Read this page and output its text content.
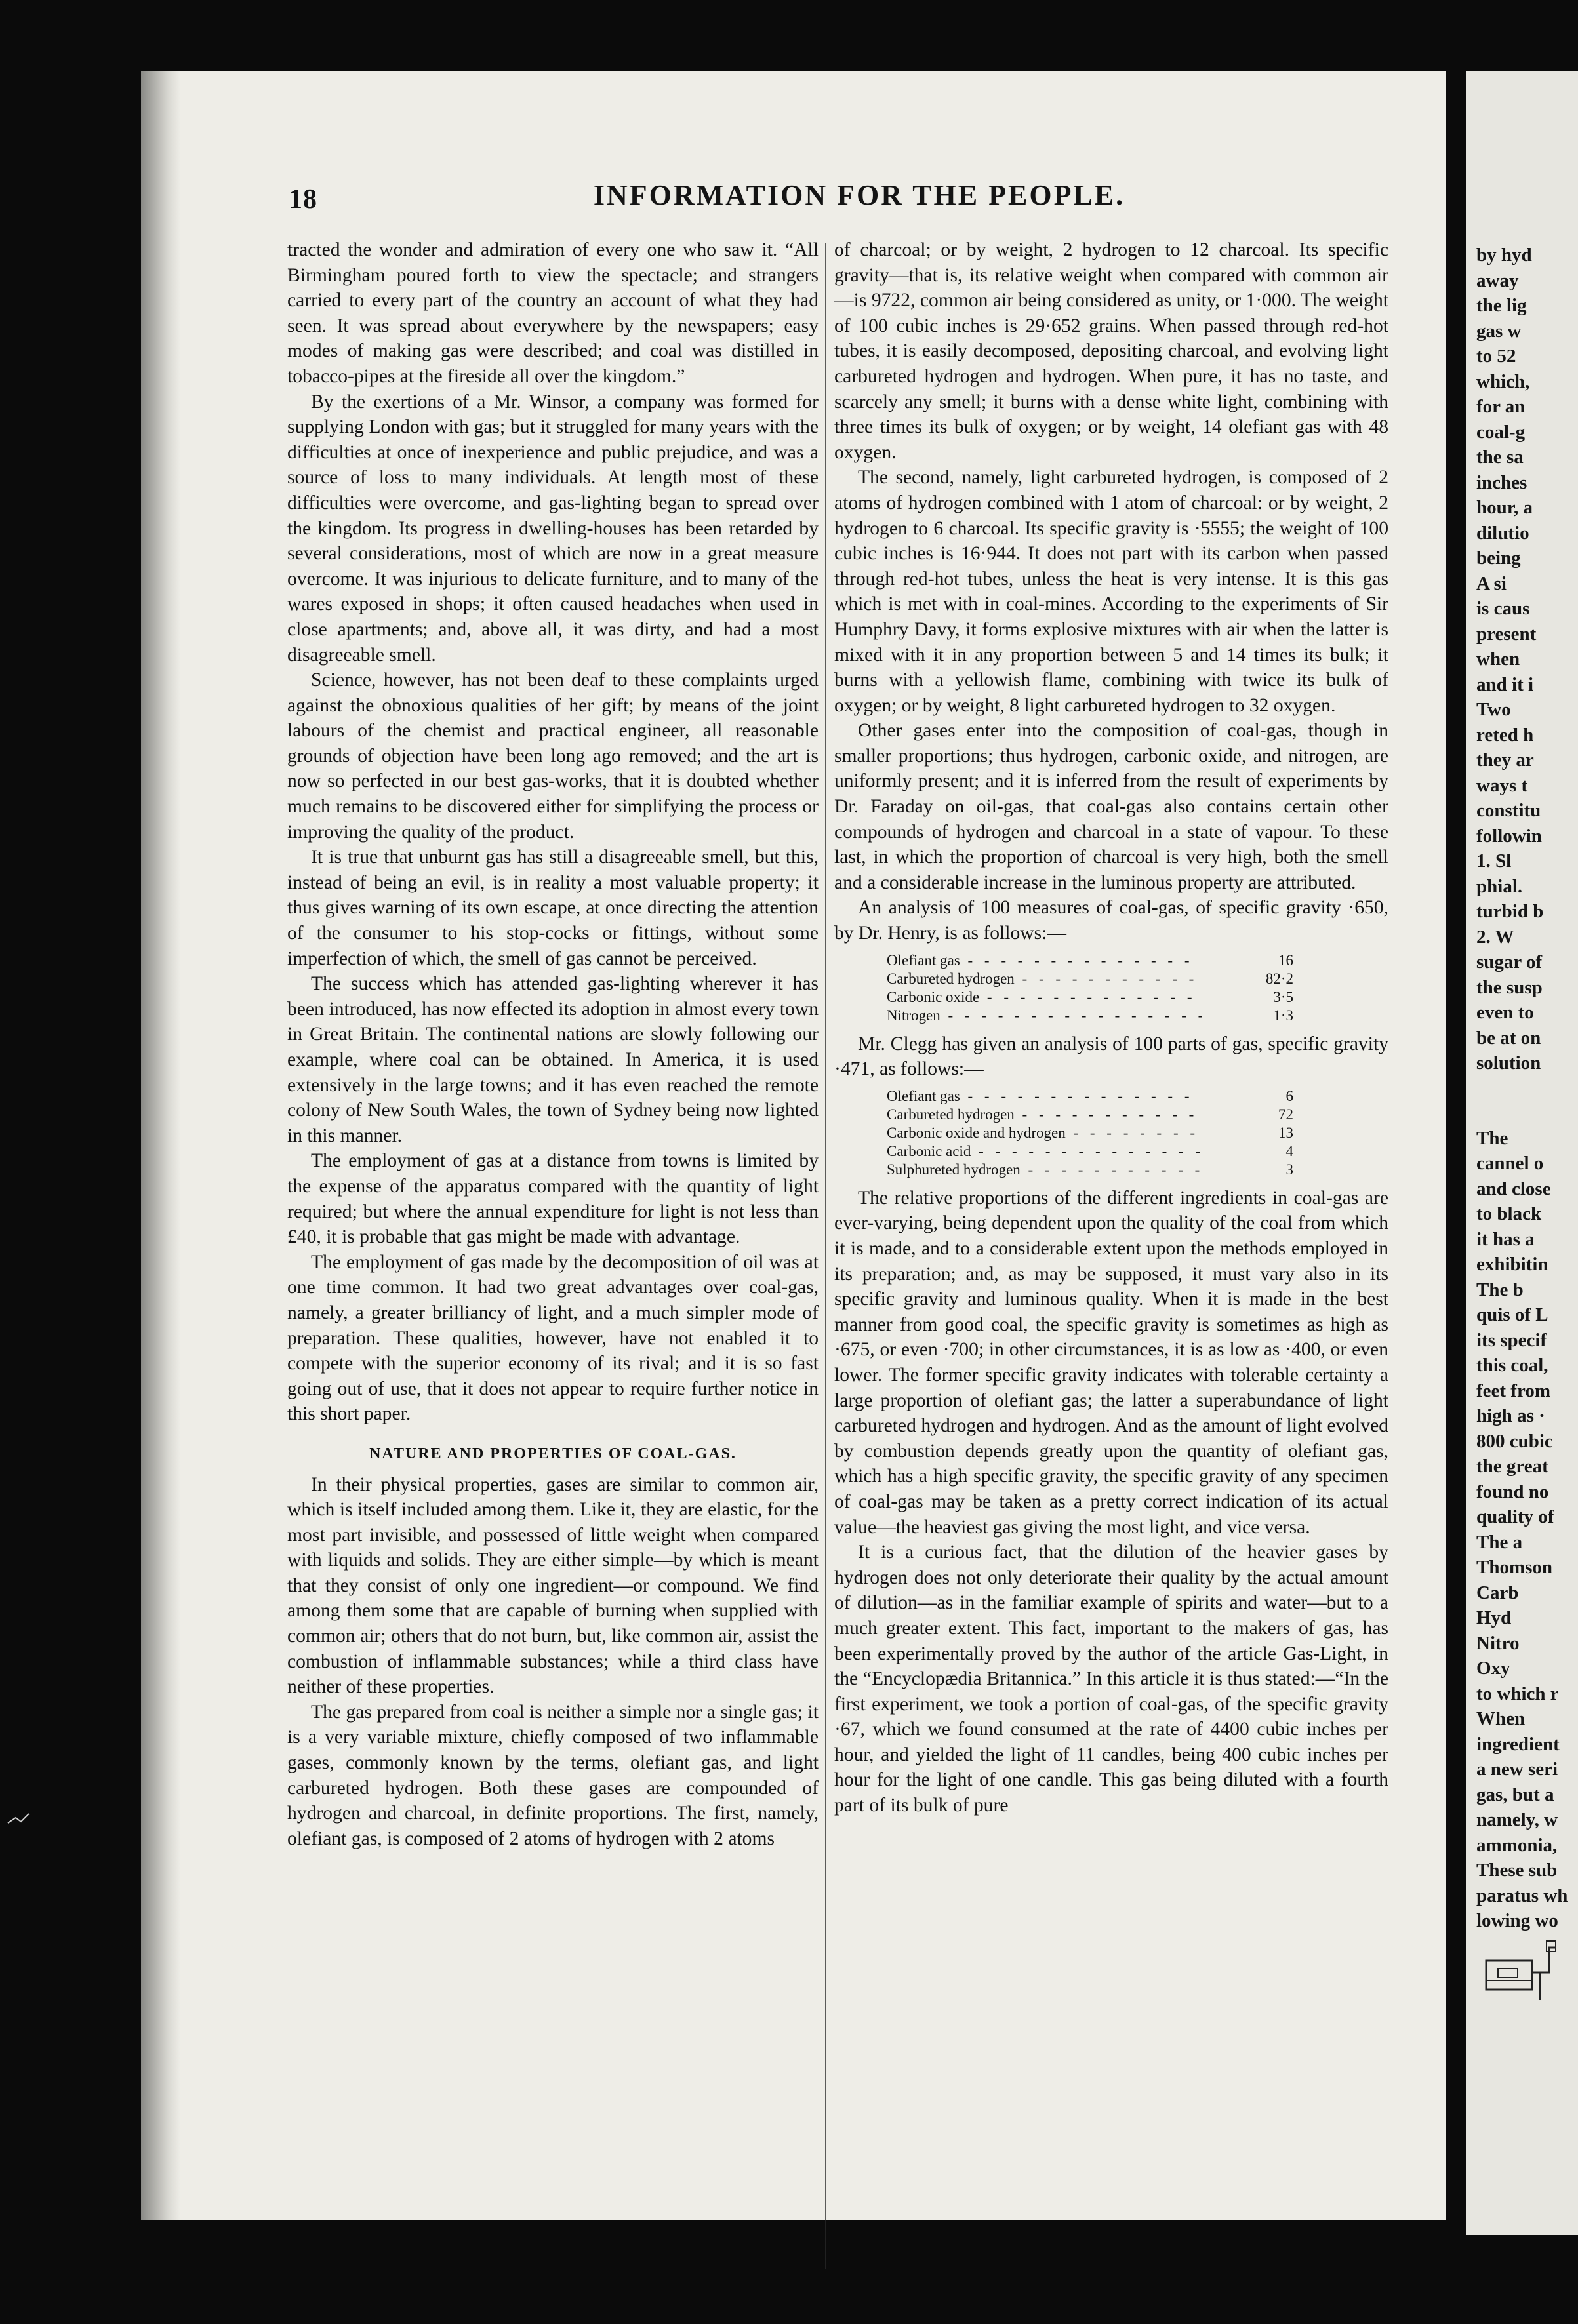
by hyd
away
the lig
gas w
to 52
which,
for an
coal-g
the sa
inches
hour, a
dilutio
being
A si
is caus
present
when
and it i
Two
reted h
they ar
ways t
constitu
followin
1. Sl
phial.
turbid b
2. W
sugar of
the susp
even to
be at on
solution
The
cannel o
and close
to black
it has a
exhibitin
The b
quis of L
its specif
this coal,
feet from
high as ·
800 cubic
the great
found no
quality of
The a
Thomson
Carb
Hyd
Nitro
Oxy
to which r
When
ingredient
a new seri
gas, but a
namely, w
ammonia,
These sub
paratus wh
lowing wo
18	INFORMATION FOR THE PEOPLE.

tracted the wonder and admiration of every one who saw it. “All Birmingham poured forth to view the spectacle; and strangers carried to every part of the country an account of what they had seen. It was spread about everywhere by the newspapers; easy modes of making gas were described; and coal was distilled in tobacco-pipes at the fireside all over the kingdom.”

By the exertions of a Mr. Winsor, a company was formed for supplying London with gas; but it struggled for many years with the difficulties at once of inexperience and public prejudice, and was a source of loss to many individuals. At length most of these difficulties were overcome, and gas-lighting began to spread over the kingdom. Its progress in dwelling-houses has been retarded by several considerations, most of which are now in a great measure overcome. It was injurious to delicate furniture, and to many of the wares exposed in shops; it often caused headaches when used in close apartments; and, above all, it was dirty, and had a most disagreeable smell.

Science, however, has not been deaf to these complaints urged against the obnoxious qualities of her gift; by means of the joint labours of the chemist and practical engineer, all reasonable grounds of objection have been long ago removed; and the art is now so perfected in our best gas-works, that it is doubted whether much remains to be discovered either for simplifying the process or improving the quality of the product.

It is true that unburnt gas has still a disagreeable smell, but this, instead of being an evil, is in reality a most valuable property; it thus gives warning of its own escape, at once directing the attention of the consumer to his stop-cocks or fittings, without some imperfection of which, the smell of gas cannot be perceived.

The success which has attended gas-lighting wherever it has been introduced, has now effected its adoption in almost every town in Great Britain. The continental nations are slowly following our example, where coal can be obtained. In America, it is used extensively in the large towns; and it has even reached the remote colony of New South Wales, the town of Sydney being now lighted in this manner.

The employment of gas at a distance from towns is limited by the expense of the apparatus compared with the quantity of light required; but where the annual expenditure for light is not less than £40, it is probable that gas might be made with advantage.

The employment of gas made by the decomposition of oil was at one time common. It had two great advantages over coal-gas, namely, a greater brilliancy of light, and a much simpler mode of preparation. These qualities, however, have not enabled it to compete with the superior economy of its rival; and it is so fast going out of use, that it does not appear to require further notice in this short paper.

NATURE AND PROPERTIES OF COAL-GAS.

In their physical properties, gases are similar to common air, which is itself included among them. Like it, they are elastic, for the most part invisible, and possessed of little weight when compared with liquids and solids. They are either simple—by which is meant that they consist of only one ingredient—or compound. We find among them some that are capable of burning when supplied with common air; others that do not burn, but, like common air, assist the combustion of inflammable substances; while a third class have neither of these properties.

The gas prepared from coal is neither a simple nor a single gas; it is a very variable mixture, chiefly composed of two inflammable gases, commonly known by the terms, olefiant gas, and light carbureted hydrogen. Both these gases are compounded of hydrogen and charcoal, in definite proportions. The first, namely, olefiant gas, is composed of 2 atoms of hydrogen with 2 atoms

of charcoal; or by weight, 2 hydrogen to 12 charcoal. Its specific gravity—that is, its relative weight when compared with common air—is 9722, common air being considered as unity, or 1·000. The weight of 100 cubic inches is 29·652 grains. When passed through red-hot tubes, it is easily decomposed, depositing charcoal, and evolving light carbureted hydrogen and hydrogen. When pure, it has no taste, and scarcely any smell; it burns with a dense white light, combining with three times its bulk of oxygen; or by weight, 14 olefiant gas with 48 oxygen.

The second, namely, light carbureted hydrogen, is composed of 2 atoms of hydrogen combined with 1 atom of charcoal: or by weight, 2 hydrogen to 6 charcoal. Its specific gravity is ·5555; the weight of 100 cubic inches is 16·944. It does not part with its carbon when passed through red-hot tubes, unless the heat is very intense. It is this gas which is met with in coal-mines. According to the experiments of Sir Humphry Davy, it forms explosive mixtures with air when the latter is mixed with it in any proportion between 5 and 14 times its bulk; it burns with a yellowish flame, combining with twice its bulk of oxygen; or by weight, 8 light carbureted hydrogen to 32 oxygen.

Other gases enter into the composition of coal-gas, though in smaller proportions; thus hydrogen, carbonic oxide, and nitrogen, are uniformly present; and it is inferred from the result of experiments by Dr. Faraday on oil-gas, that coal-gas also contains certain other compounds of hydrogen and charcoal in a state of vapour. To these last, in which the proportion of charcoal is very high, both the smell and a considerable increase in the luminous property are attributed.

An analysis of 100 measures of coal-gas, of specific gravity ·650, by Dr. Henry, is as follows:—

Olefiant gas - - -	16
Carbureted hydrogen - - -	82·2
Carbonic oxide - - -	3·5
Nitrogen - - -	1·3

Mr. Clegg has given an analysis of 100 parts of gas, specific gravity ·471, as follows:—

Olefiant gas - - -	6
Carbureted hydrogen - - -	72
Carbonic oxide and hydrogen - - -	13
Carbonic acid - - -	4
Sulphureted hydrogen - - -	3

The relative proportions of the different ingredients in coal-gas are ever-varying, being dependent upon the quality of the coal from which it is made, and to a considerable extent upon the methods employed in its preparation; and, as may be supposed, it must vary also in its specific gravity and luminous quality. When it is made in the best manner from good coal, the specific gravity is sometimes as high as ·675, or even ·700; in other circumstances, it is as low as ·400, or even lower. The former specific gravity indicates with tolerable certainty a large proportion of olefiant gas; the latter a superabundance of light carbureted hydrogen and hydrogen. And as the amount of light evolved by combustion depends greatly upon the quantity of olefiant gas, which has a high specific gravity, the specific gravity of any specimen of coal-gas may be taken as a pretty correct indication of its actual value—the heaviest gas giving the most light, and vice versa.

It is a curious fact, that the dilution of the heavier gases by hydrogen does not only deteriorate their quality by the actual amount of dilution—as in the familiar example of spirits and water—but to a much greater extent. This fact, important to the makers of gas, has been experimentally proved by the author of the article Gas-Light, in the “Encyclopædia Britannica.” In this article it is thus stated:—“In the first experiment, we took a portion of coal-gas, of the specific gravity ·67, which we found consumed at the rate of 4400 cubic inches per hour, and yielded the light of 11 candles, being 400 cubic inches per hour for the light of one candle. This gas being diluted with a fourth part of its bulk of pure
